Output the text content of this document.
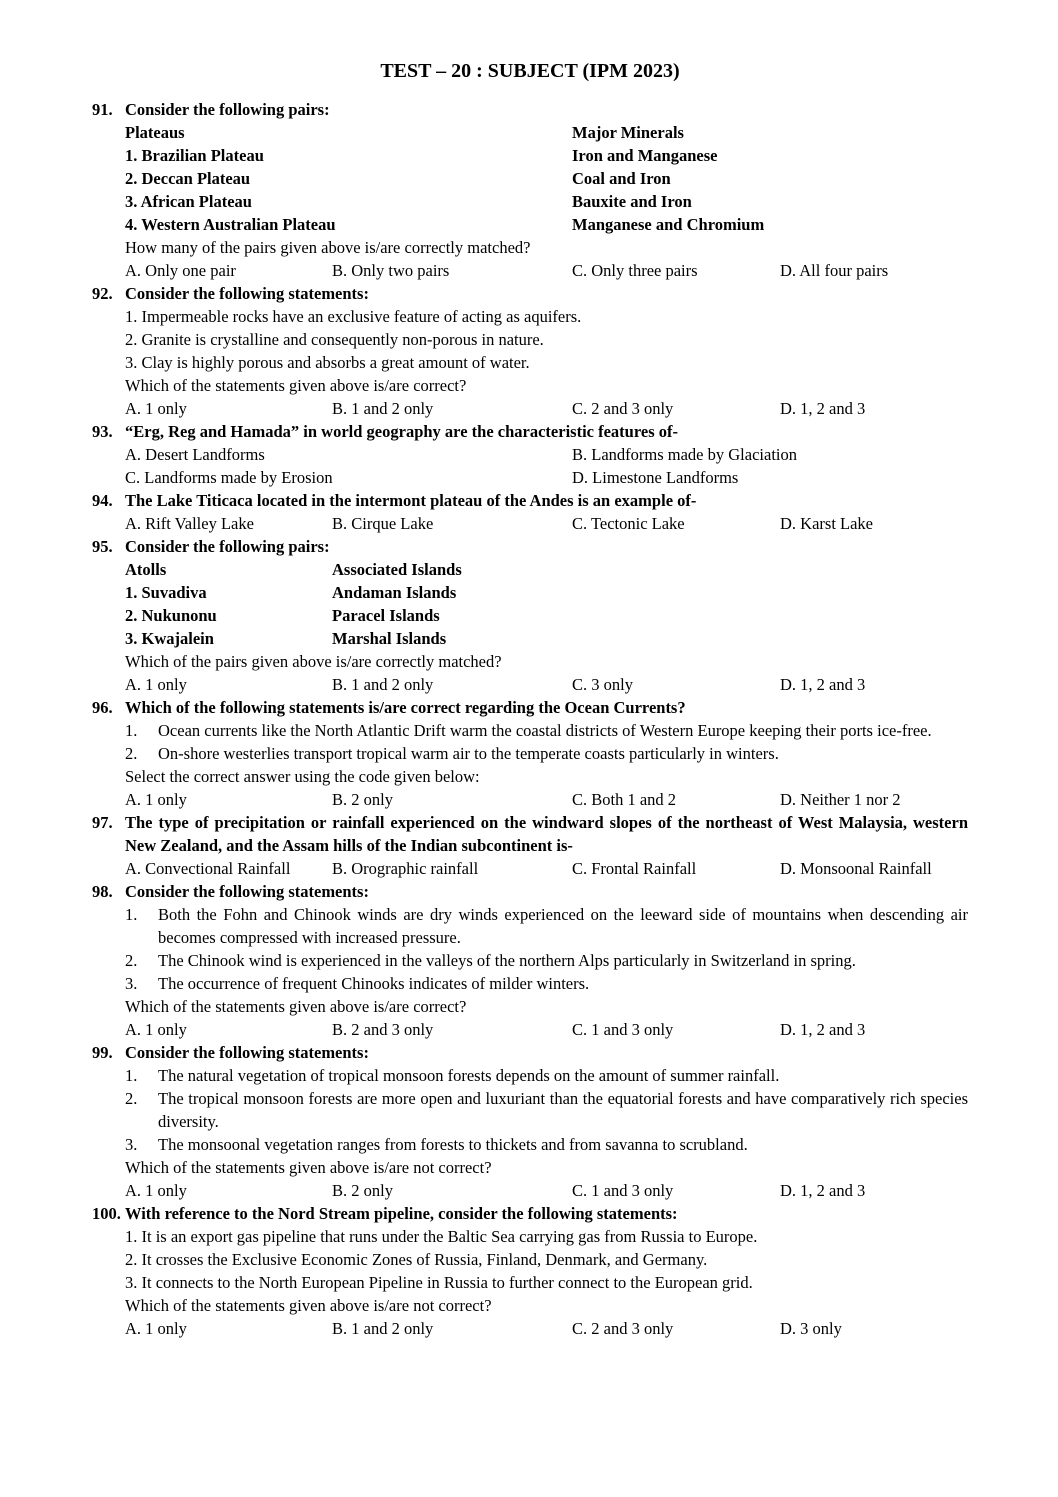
TEST – 20 : SUBJECT (IPM 2023)
91. Consider the following pairs:
Plateaus	Major Minerals
1. Brazilian Plateau	Iron and Manganese
2. Deccan Plateau	Coal and Iron
3. African Plateau	Bauxite and Iron
4. Western Australian Plateau	Manganese and Chromium
How many of the pairs given above is/are correctly matched?
A. Only one pair	B. Only two pairs	C. Only three pairs	D. All four pairs
92. Consider the following statements:
1. Impermeable rocks have an exclusive feature of acting as aquifers.
2. Granite is crystalline and consequently non-porous in nature.
3. Clay is highly porous and absorbs a great amount of water.
Which of the statements given above is/are correct?
A. 1 only	B. 1 and 2 only	C. 2 and 3 only	D. 1, 2 and 3
93. “Erg, Reg and Hamada” in world geography are the characteristic features of-
A. Desert Landforms	B. Landforms made by Glaciation
C. Landforms made by Erosion	D. Limestone Landforms
94. The Lake Titicaca located in the intermont plateau of the Andes is an example of-
A. Rift Valley Lake	B. Cirque Lake	C. Tectonic Lake	D. Karst Lake
95. Consider the following pairs:
Atolls	Associated Islands
1. Suvadiva	Andaman Islands
2. Nukunonu	Paracel Islands
3. Kwajalein	Marshal Islands
Which of the pairs given above is/are correctly matched?
A. 1 only	B. 1 and 2 only	C. 3 only	D. 1, 2 and 3
96. Which of the following statements is/are correct regarding the Ocean Currents?
1.	Ocean currents like the North Atlantic Drift warm the coastal districts of Western Europe keeping their ports ice-free.
2.	On-shore westerlies transport tropical warm air to the temperate coasts particularly in winters.
Select the correct answer using the code given below:
A. 1 only	B. 2 only	C. Both 1 and 2	D. Neither 1 nor 2
97. The type of precipitation or rainfall experienced on the windward slopes of the northeast of West Malaysia, western New Zealand, and the Assam hills of the Indian subcontinent is-
A. Convectional Rainfall	B. Orographic rainfall	C. Frontal Rainfall	D. Monsoonal Rainfall
98. Consider the following statements:
1.	Both the Fohn and Chinook winds are dry winds experienced on the leeward side of mountains when descending air becomes compressed with increased pressure.
2.	The Chinook wind is experienced in the valleys of the northern Alps particularly in Switzerland in spring.
3.	The occurrence of frequent Chinooks indicates of milder winters.
Which of the statements given above is/are correct?
A. 1 only	B. 2 and 3 only	C. 1 and 3 only	D. 1, 2 and 3
99. Consider the following statements:
1.	The natural vegetation of tropical monsoon forests depends on the amount of summer rainfall.
2.	The tropical monsoon forests are more open and luxuriant than the equatorial forests and have comparatively rich species diversity.
3.	The monsoonal vegetation ranges from forests to thickets and from savanna to scrubland.
Which of the statements given above is/are not correct?
A. 1 only	B. 2 only	C. 1 and 3 only	D. 1, 2 and 3
100. With reference to the Nord Stream pipeline, consider the following statements:
1. It is an export gas pipeline that runs under the Baltic Sea carrying gas from Russia to Europe.
2. It crosses the Exclusive Economic Zones of Russia, Finland, Denmark, and Germany.
3. It connects to the North European Pipeline in Russia to further connect to the European grid.
Which of the statements given above is/are not correct?
A. 1 only	B. 1 and 2 only	C. 2 and 3 only	D. 3 only
